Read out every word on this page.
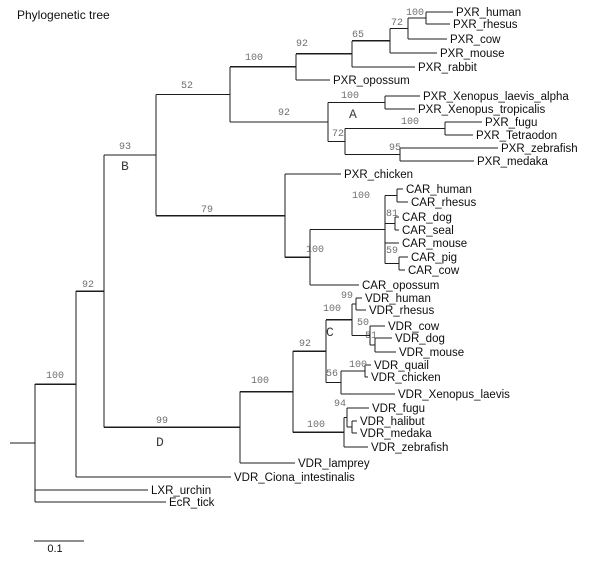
Phylogenetic tree	PXR_human
PXR_rhesus
100
PXR_cow
72
PXR_mouse
65
PXR_rabbit
92
PXR_opossum
100
PXR_Xenopus_laevis_alpha
PXR_Xenopus_tropicalis
100
PXR_fugu
PXR_Tetraodon
100
PXR_zebrafish
PXR_medaka
95
72
92	A
52
PXR_chicken
CAR_human
CAR_rhesus
100
CAR_dog
CAR_seal
81
CAR_mouse
CAR_pig
CAR_cow
59
CAR_opossum
100
79
93
B
VDR_human
VDR_rhesus
99
VDR_cow
VDR_dog
VDR_mouse
51
50
100
C
VDR_quail
VDR_chicken
100
VDR_Xenopus_laevis
56
92
VDR_fugu
VDR_halibut
VDR_medaka
94
VDR_zebrafish
100
100
VDR_lamprey
99
D
92
VDR_Ciona_intestinalis
100
LXR_urchin
EcR_tick
0.1
